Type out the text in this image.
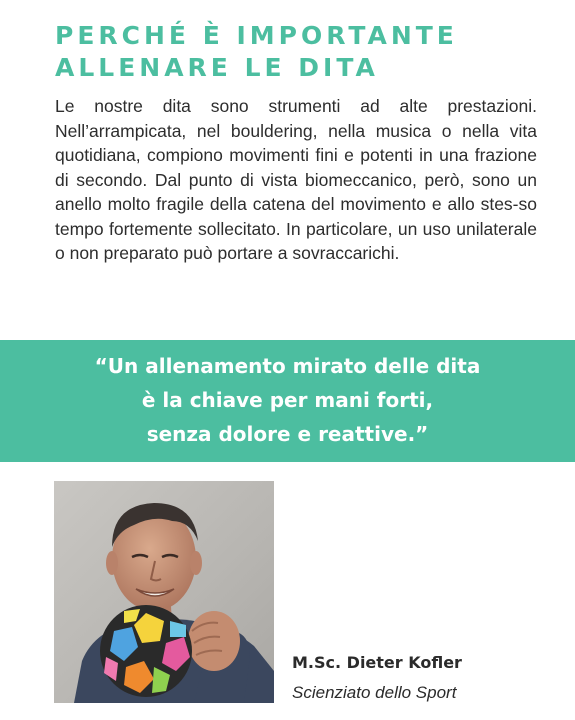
PERCHÉ È IMPORTANTE
ALLENARE LE DITA

Le nostre dita sono strumenti ad alte prestazioni. Nell’arrampicata, nel bouldering, nella musica o nella vita quotidiana, compiono movimenti fini e potenti in una frazione di secondo. Dal punto di vista biomeccanico, però, sono un anello molto fragile della catena del movimento e allo stes-so tempo fortemente sollecitato. In particolare, un uso unilaterale o non preparato può portare a sovraccarichi.

“Un allenamento mirato delle dita
è la chiave per mani forti,
senza dolore e reattive.”

M.Sc. Dieter Kofler

Scienziato dello Sport
